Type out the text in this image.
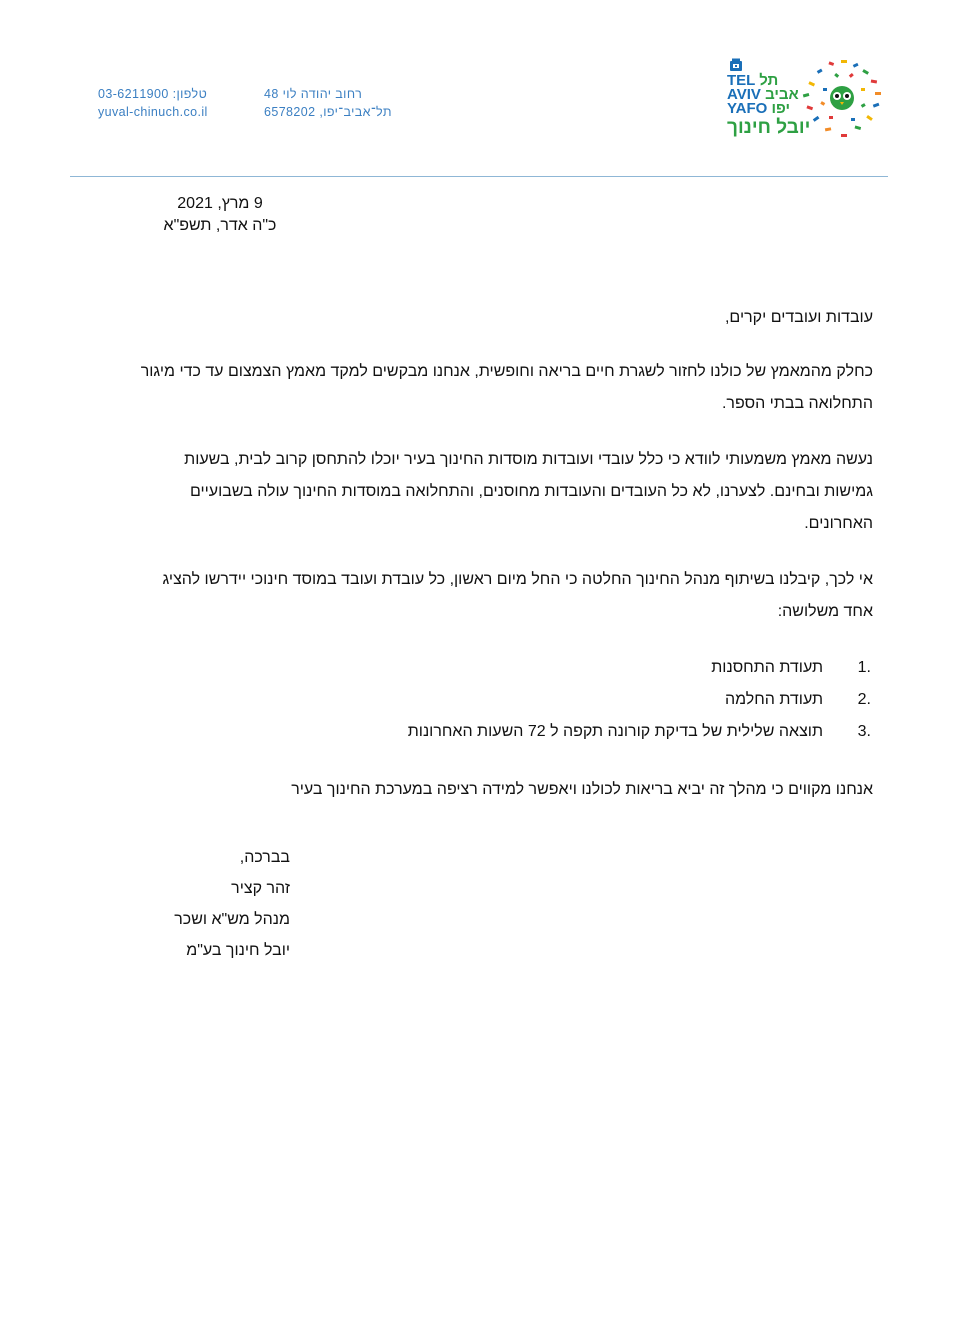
TEL תל
AVIV אביב
YAFO יפו
יובל חינוך
רחוב יהודה לוי 48
תל־אביב־יפו, 6578202
טלפון: 03-6211900
yuval-chinuch.co.il
9 מרץ, 2021
כ"ה אדר, תשפ"א

עובדות ועובדים יקרים,

כחלק מהמאמץ של כולנו לחזור לשגרת חיים בריאה וחופשית, אנחנו מבקשים למקד מאמץ הצמצום עד כדי מיגור התחלואה בבתי הספר.

נעשה מאמץ משמעותי לוודא כי כלל עובדי ועובדות מוסדות החינוך בעיר יוכלו להתחסן קרוב לבית, בשעות גמישות ובחינם. לצערנו, לא כל העובדים והעובדות מחוסנים, והתחלואה במוסדות החינוך עולה בשבועיים האחרונים.

אי לכך, קיבלנו בשיתוף מנהל החינוך החלטה כי החל מיום ראשון, כל עובדת ועובד במוסד חינוכי יידרשו להציג אחד משלושה:

1.תעודת התחסנות
2.תעודת החלמה
3.תוצאה שלילית של בדיקת קורונה תקפה ל 72 השעות האחרונות

אנחנו מקווים כי מהלך זה יביא בריאות לכולנו ויאפשר למידה רציפה במערכת החינוך בעיר

בברכה,
זהר קציר
מנהל מש"א ושכר
יובל חינוך בע"מ
